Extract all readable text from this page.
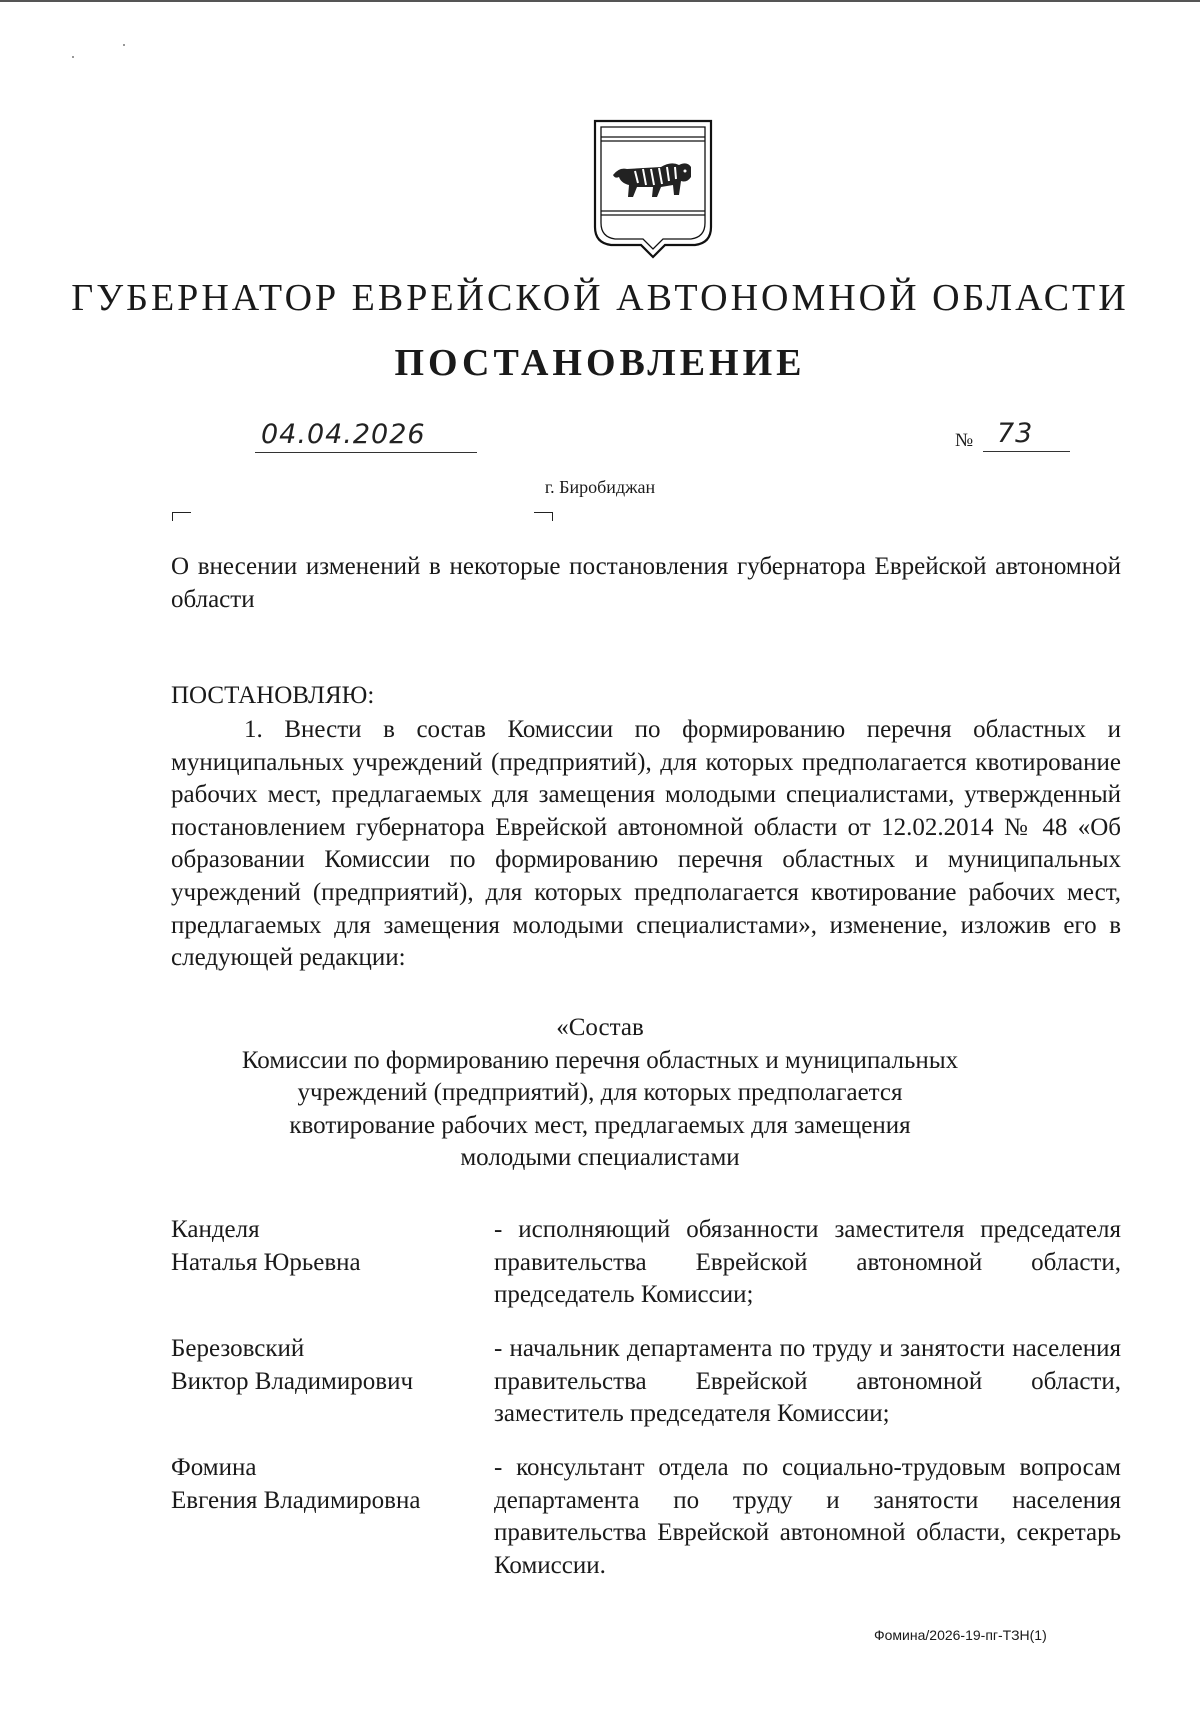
ГУБЕРНАТОР ЕВРЕЙСКОЙ АВТОНОМНОЙ ОБЛАСТИ
ПОСТАНОВЛЕНИЕ
04.04.2026	№ 73
г. Биробиджан
О внесении изменений в некоторые постановления губернатора Еврейской автономной области
ПОСТАНОВЛЯЮ:
1. Внести в состав Комиссии по формированию перечня областных и муниципальных учреждений (предприятий), для которых предполагается квотирование рабочих мест, предлагаемых для замещения молодыми специалистами, утвержденный постановлением губернатора Еврейской автономной области от 12.02.2014 № 48 «Об образовании Комиссии по формированию перечня областных и муниципальных учреждений (предприятий), для которых предполагается квотирование рабочих мест, предлагаемых для замещения молодыми специалистами», изменение, изложив его в следующей редакции:
«Состав
Комиссии по формированию перечня областных и муниципальных
учреждений (предприятий), для которых предполагается
квотирование рабочих мест, предлагаемых для замещения
молодыми специалистами
Канделя
Наталья Юрьевна
- исполняющий обязанности заместителя председателя правительства Еврейской автономной области, председатель Комиссии;
Березовский
Виктор Владимирович
- начальник департамента по труду и занятости населения правительства Еврейской автономной области, заместитель председателя Комиссии;
Фомина
Евгения Владимировна
- консультант отдела по социально-трудовым вопросам департамента по труду и занятости населения правительства Еврейской автономной области, секретарь Комиссии.
Фомина/2026-19-пг-ТЗН(1)
